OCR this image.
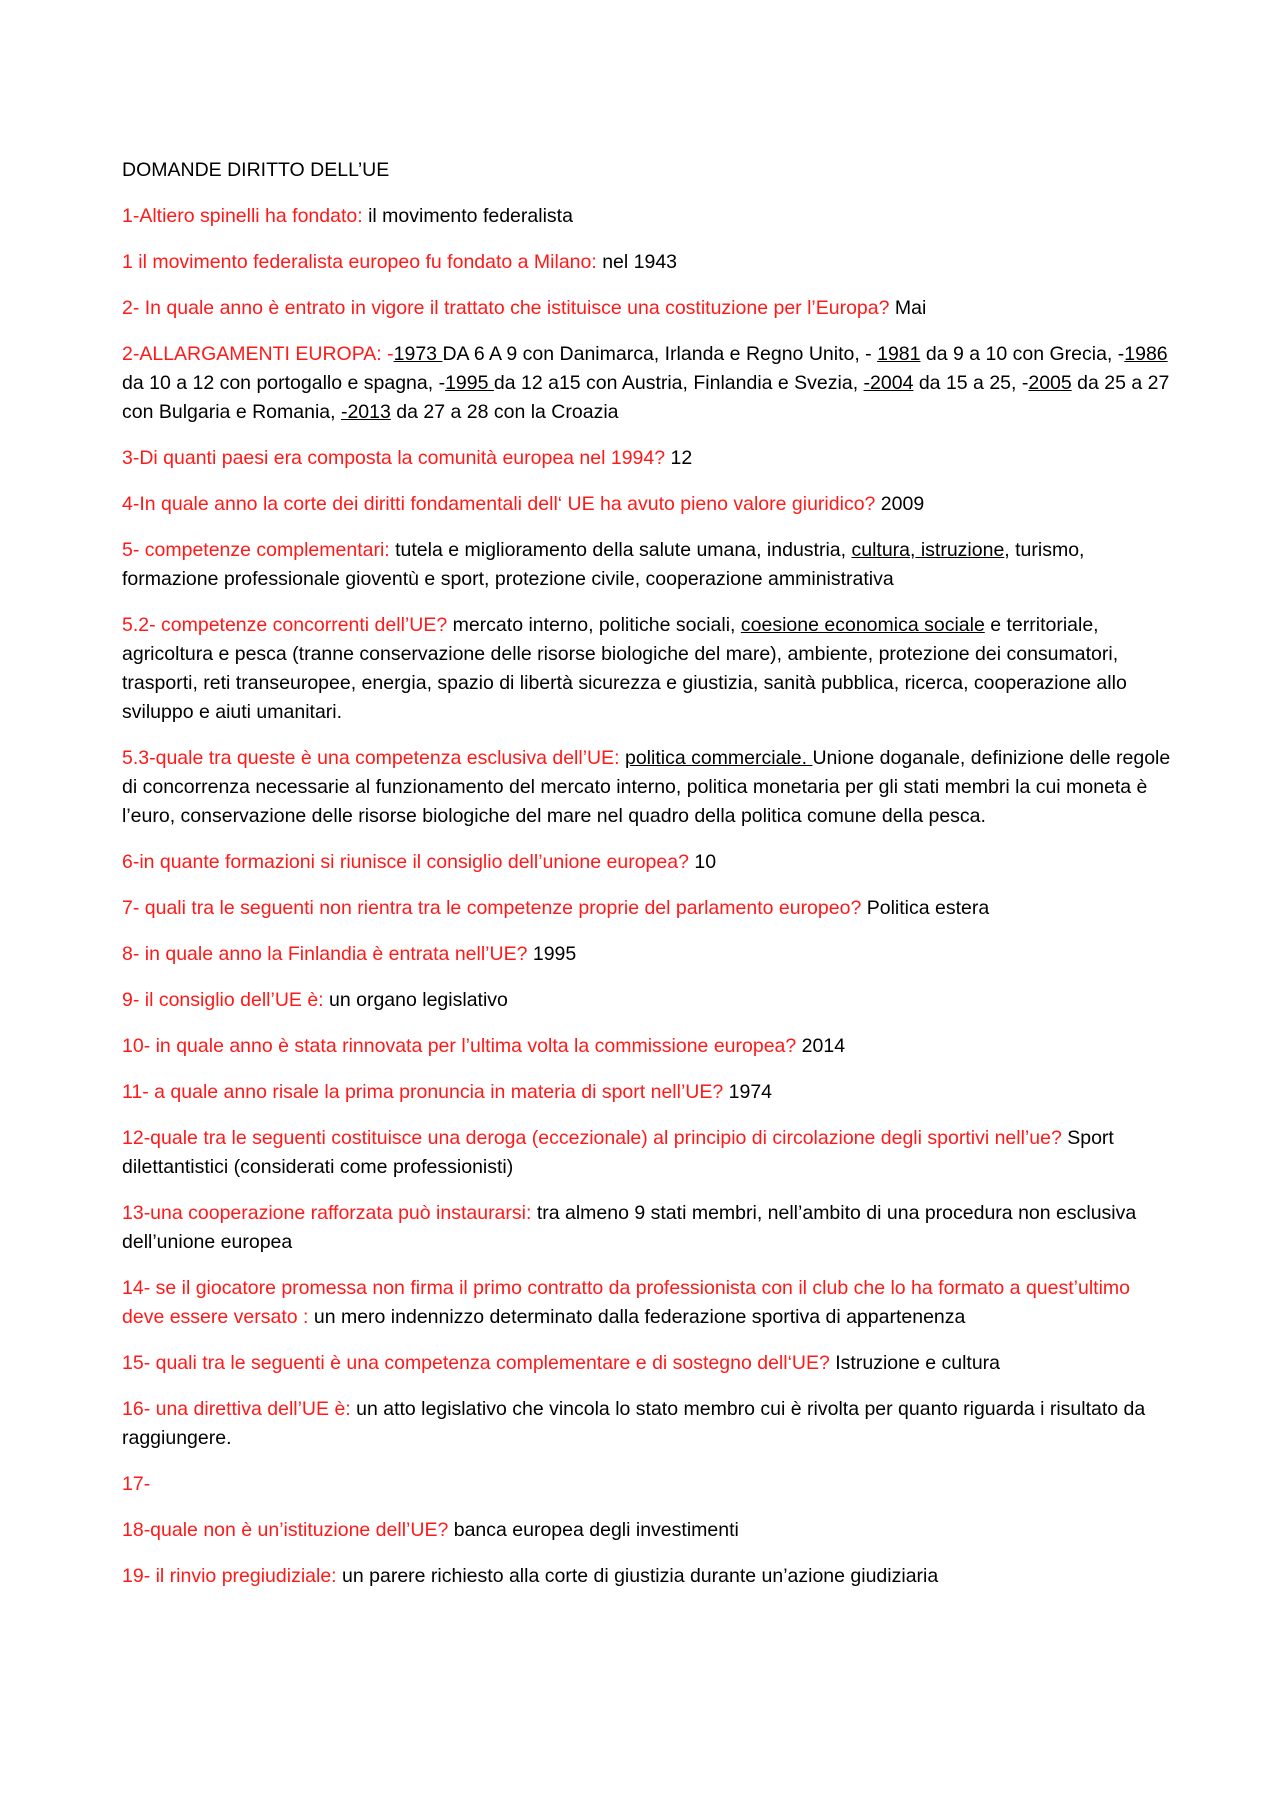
DOMANDE DIRITTO DELL’UE
1-Altiero spinelli ha fondato: il movimento federalista
1 il movimento federalista europeo fu fondato a Milano: nel 1943
2- In quale anno è entrato in vigore il trattato che istituisce una costituzione per l’Europa? Mai
2-ALLARGAMENTI EUROPA: -1973 DA 6 A 9 con Danimarca, Irlanda e Regno Unito, - 1981 da 9 a 10 con Grecia, -1986 da 10 a 12 con portogallo e spagna, -1995 da 12 a15 con Austria, Finlandia e Svezia, -2004 da 15 a 25, -2005 da 25 a 27 con Bulgaria e Romania, -2013 da 27 a 28 con la Croazia
3-Di quanti paesi era composta la comunità europea nel 1994? 12
4-In quale anno la corte dei diritti fondamentali dell‘ UE ha avuto pieno valore giuridico? 2009
5- competenze complementari: tutela e miglioramento della salute umana, industria, cultura, istruzione, turismo, formazione professionale gioventù e sport, protezione civile, cooperazione amministrativa
5.2- competenze concorrenti dell’UE? mercato interno, politiche sociali, coesione economica sociale e territoriale, agricoltura e pesca (tranne conservazione delle risorse biologiche del mare), ambiente, protezione dei consumatori, trasporti, reti transeuropee, energia, spazio di libertà sicurezza e giustizia, sanità pubblica, ricerca, cooperazione allo sviluppo e aiuti umanitari.
5.3-quale tra queste è una competenza esclusiva dell’UE: politica commerciale. Unione doganale, definizione delle regole di concorrenza necessarie al funzionamento del mercato interno, politica monetaria per gli stati membri la cui moneta è l’euro, conservazione delle risorse biologiche del mare nel quadro della politica comune della pesca.
6-in quante formazioni si riunisce il consiglio dell’unione europea? 10
7- quali tra le seguenti non rientra tra le competenze proprie del parlamento europeo? Politica estera
8- in quale anno la Finlandia è entrata nell’UE? 1995
9- il consiglio dell’UE è: un organo legislativo
10- in quale anno è stata rinnovata per l’ultima volta la commissione europea? 2014
11- a quale anno risale la prima pronuncia in materia di sport nell’UE? 1974
12-quale tra le seguenti costituisce una deroga (eccezionale) al principio di circolazione degli sportivi nell’ue? Sport dilettantistici (considerati come professionisti)
13-una cooperazione rafforzata può instaurarsi: tra almeno 9 stati membri, nell’ambito di una procedura non esclusiva dell’unione europea
14- se il giocatore promessa non firma il primo contratto da professionista con il club che lo ha formato a quest’ultimo deve essere versato : un mero indennizzo determinato dalla federazione sportiva di appartenenza
15- quali tra le seguenti è una competenza complementare e di sostegno dell‘UE? Istruzione e cultura
16- una direttiva dell’UE è: un atto legislativo che vincola lo stato membro cui è rivolta per quanto riguarda i risultato da raggiungere.
17-
18-quale non è un’istituzione dell’UE? banca europea degli investimenti
19- il rinvio pregiudiziale: un parere richiesto alla corte di giustizia durante un’azione giudiziaria
